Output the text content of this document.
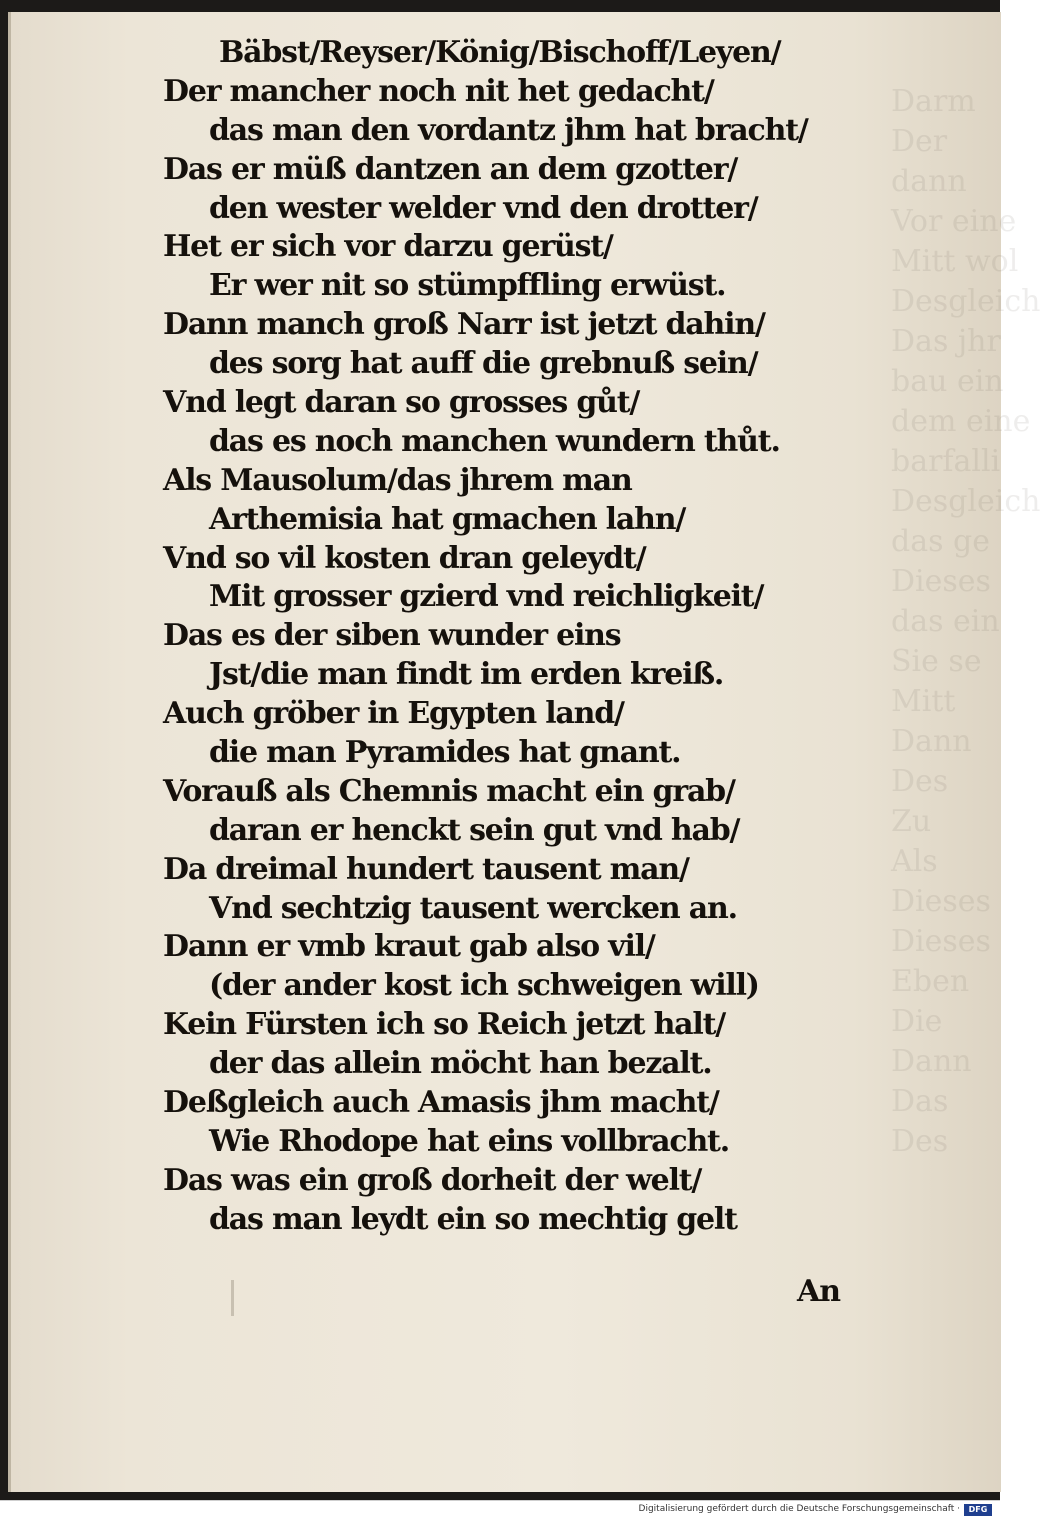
Darm
Der
dann
Vor eine
Mitt wol
Desgleich
Das jhr
bau ein
dem eine
barfalli
Desgleich
das ge
Dieses
das ein
Sie se
Mitt
Dann
Des
Zu
Als
Dieses
Dieses
Eben
Die
Dann
Das
Des
Bäbst/Reyser/König/Bischoff/Leyen/
Der mancher noch nit het gedacht/
das man den vordantz jhm hat bracht/
Das er müß dantzen an dem gzotter/
den wester welder vnd den drotter/
Het er sich vor darzu gerüst/
Er wer nit so stümpffling erwüst.
Dann manch groß Narr ist jetzt dahin/
des sorg hat auff die grebnuß sein/
Vnd legt daran so grosses gůt/
das es noch manchen wundern thůt.
Als Mausolum/das jhrem man
Arthemisia hat gmachen lahn/
Vnd so vil kosten dran geleydt/
Mit grosser gzierd vnd reichligkeit/
Das es der siben wunder eins
Jst/die man findt im erden kreiß.
Auch gröber in Egypten land/
die man Pyramides hat gnant.
Vorauß als Chemnis macht ein grab/
daran er henckt sein gut vnd hab/
Da dreimal hundert tausent man/
Vnd sechtzig tausent wercken an.
Dann er vmb kraut gab also vil/
(der ander kost ich schweigen will)
Kein Fürsten ich so Reich jetzt halt/
der das allein möcht han bezalt.
Deßgleich auch Amasis jhm macht/
Wie Rhodope hat eins vollbracht.
Das was ein groß dorheit der welt/
das man leydt ein so mechtig gelt
An
Digitalisierung gefördert durch die Deutsche Forschungsgemeinschaft ·	DFG
